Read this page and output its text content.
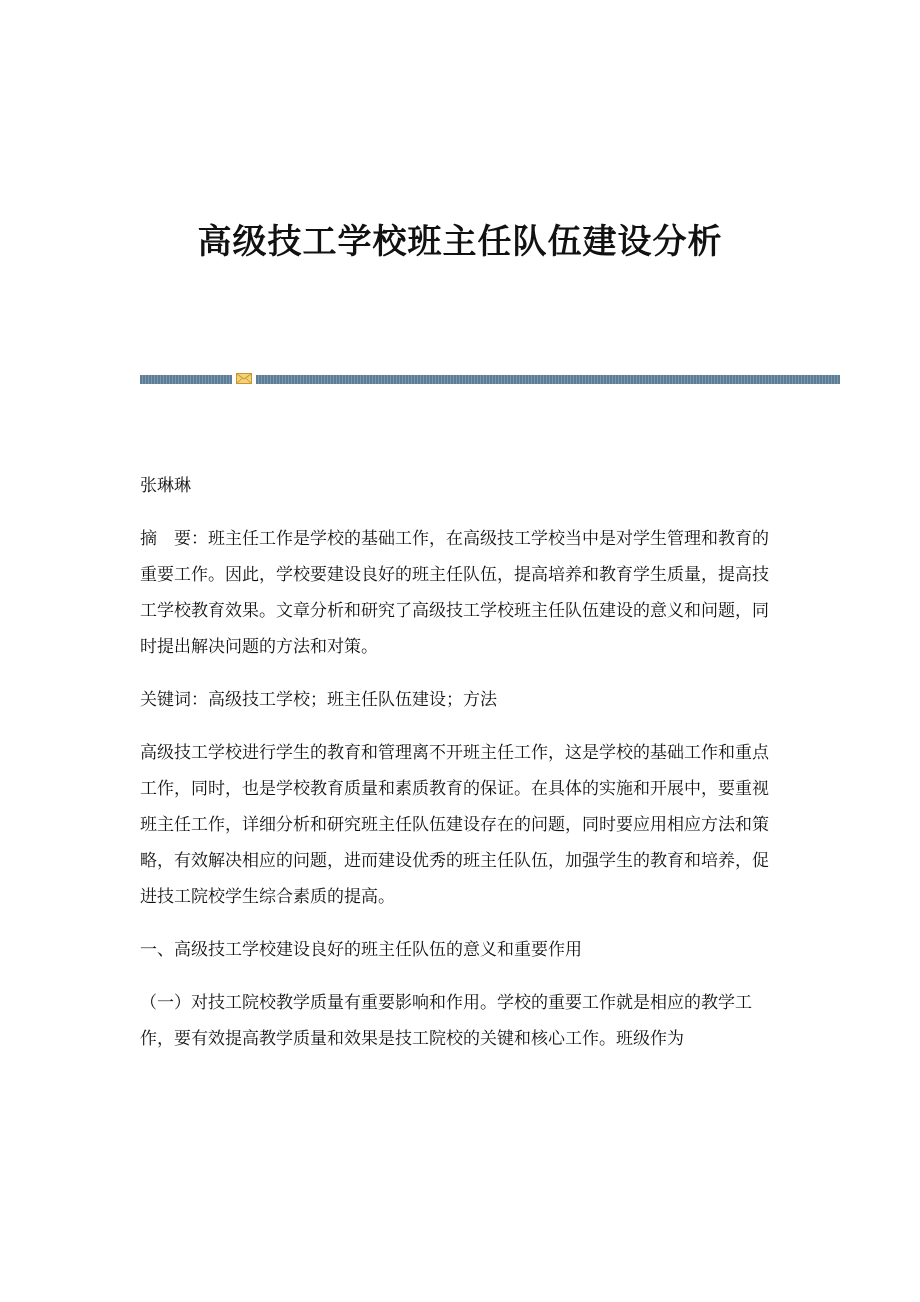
高级技工学校班主任队伍建设分析

张琳琳

摘　要：班主任工作是学校的基础工作，在高级技工学校当中是对学生管理和教育的重要工作。因此，学校要建设良好的班主任队伍，提高培养和教育学生质量，提高技工学校教育效果。文章分析和研究了高级技工学校班主任队伍建设的意义和问题，同时提出解决问题的方法和对策。

关键词：高级技工学校；班主任队伍建设；方法

高级技工学校进行学生的教育和管理离不开班主任工作，这是学校的基础工作和重点工作，同时，也是学校教育质量和素质教育的保证。在具体的实施和开展中，要重视班主任工作，详细分析和研究班主任队伍建设存在的问题，同时要应用相应方法和策略，有效解决相应的问题，进而建设优秀的班主任队伍，加强学生的教育和培养，促进技工院校学生综合素质的提高。

一、高级技工学校建设良好的班主任队伍的意义和重要作用

（一）对技工院校教学质量有重要影响和作用。学校的重要工作就是相应的教学工作，要有效提高教学质量和效果是技工院校的关键和核心工作。班级作为
